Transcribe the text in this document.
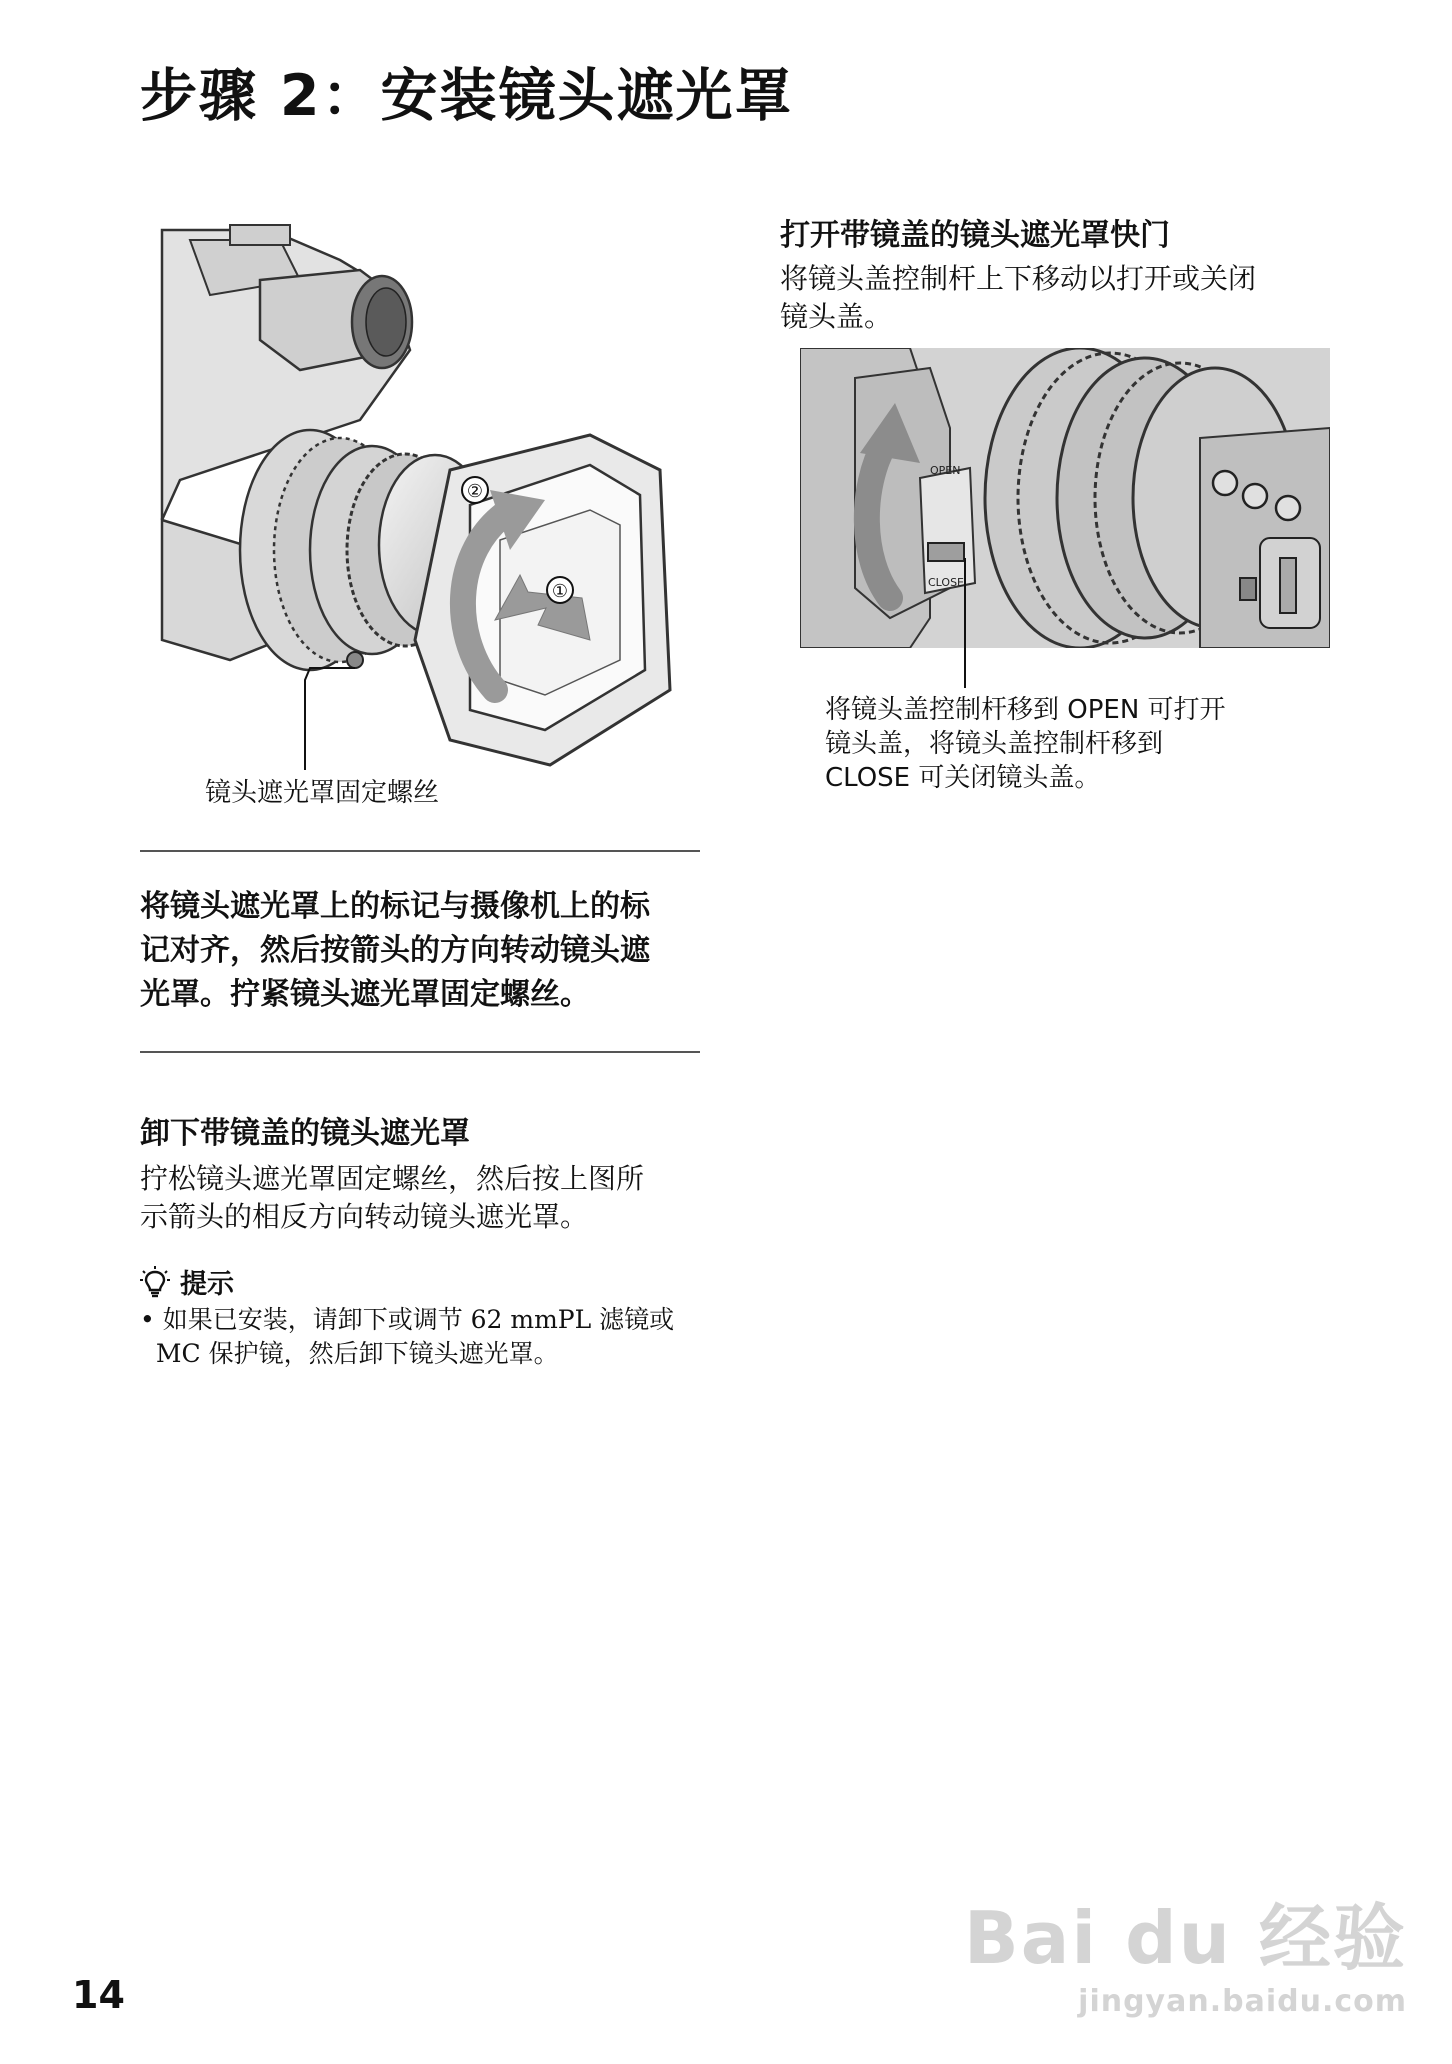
步骤 2：安装镜头遮光罩
②
①
镜头遮光罩固定螺丝
将镜头遮光罩上的标记与摄像机上的标
记对齐，然后按箭头的方向转动镜头遮
光罩。拧紧镜头遮光罩固定螺丝。
卸下带镜盖的镜头遮光罩
拧松镜头遮光罩固定螺丝，然后按上图所
示箭头的相反方向转动镜头遮光罩。
提示
• 如果已安装，请卸下或调节 62 mmPL 滤镜或
MC 保护镜，然后卸下镜头遮光罩。
打开带镜盖的镜头遮光罩快门
将镜头盖控制杆上下移动以打开或关闭
镜头盖。
OPEN
CLOSE
将镜头盖控制杆移到 OPEN 可打开
镜头盖，将镜头盖控制杆移到
CLOSE 可关闭镜头盖。
Bai du 经验
jingyan.baidu.com
14
